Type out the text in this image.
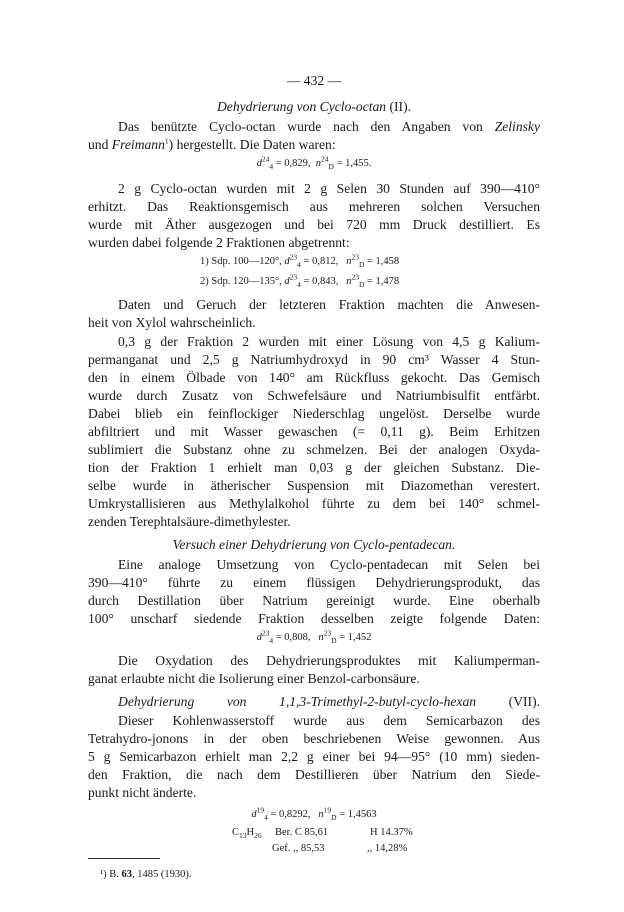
— 432 —
Dehydrierung von Cyclo-octan (II).
Das benützte Cyclo-octan wurde nach den Angaben von Zelinsky
und Freimann$^1$) hergestellt. Die Daten waren:
$d^{24}_4 = 0,829$, $n^{24}_D = 1,455$.
2 g Cyclo-octan wurden mit 2 g Selen 30 Stunden auf 390—410°
erhitzt. Das Reaktionsgemisch aus mehreren solchen Versuchen
wurde mit Äther ausgezogen und bei 720 mm Druck destilliert. Es
wurden dabei folgende 2 Fraktionen abgetrennt:
1) Sdp. 100—120°, $d^{23}_4 = 0,812$,   $n^{23}_D = 1,458$
2) Sdp. 120—135°, $d^{23}_4 = 0,843$,   $n^{23}_D = 1,478$
Daten und Geruch der letzteren Fraktion machten die Anwesen-
heit von Xylol wahrscheinlich.
0,3 g der Fraktion 2 wurden mit einer Lösung von 4,5 g Kalium-
permanganat und 2,5 g Natriumhydroxyd in 90 cm³ Wasser 4 Stun-
den in einem Ölbade von 140° am Rückfluss gekocht. Das Gemisch
wurde durch Zusatz von Schwefelsäure und Natriumbisulfit entfärbt.
Dabei blieb ein feinflockiger Niederschlag ungelöst. Derselbe wurde
abfiltriert und mit Wasser gewaschen (= 0,11 g). Beim Erhitzen
sublimiert die Substanz ohne zu schmelzen. Bei der analogen Oxyda-
tion der Fraktion 1 erhielt man 0,03 g der gleichen Substanz. Die-
selbe wurde in ätherischer Suspension mit Diazomethan verestert.
Umkrystallisieren aus Methylalkohol führte zu dem bei 140° schmel-
zenden Terephtalsäure-dimethylester.
Versuch einer Dehydrierung von Cyclo-pentadecan.
Eine analoge Umsetzung von Cyclo-pentadecan mit Selen bei
390—410° führte zu einem flüssigen Dehydrierungsprodukt, das
durch Destillation über Natrium gereinigt wurde. Eine oberhalb
100° unscharf siedende Fraktion desselben zeigte folgende Daten:
$d^{23}_4 = 0,808$,   $n^{23}_D = 1,452$
Die Oxydation des Dehydrierungsproduktes mit Kaliumperman-
ganat erlaubte nicht die Isolierung einer Benzol-carbonsäure.
Dehydrierung von 1,1,3-Trimethyl-2-butyl-cyclo-hexan (VII).
Dieser Kohlenwasserstoff wurde aus dem Semicarbazon des
Tetrahydro-jonons in der oben beschriebenen Weise gewonnen. Aus
5 g Semicarbazon erhielt man 2,2 g einer bei 94—95° (10 mm) sieden-
den Fraktion, die nach dem Destillieren über Natrium den Siede-
punkt nicht änderte.
$d^{19}_4 = 0,8292$,   $n^{19}_D = 1,4563$
$C_{13}H_{26}$ Ber. C 85,61	H 14.37%
Gef. ,, 85,53	,, 14,28%
¹) B. 63, 1485 (1930).
